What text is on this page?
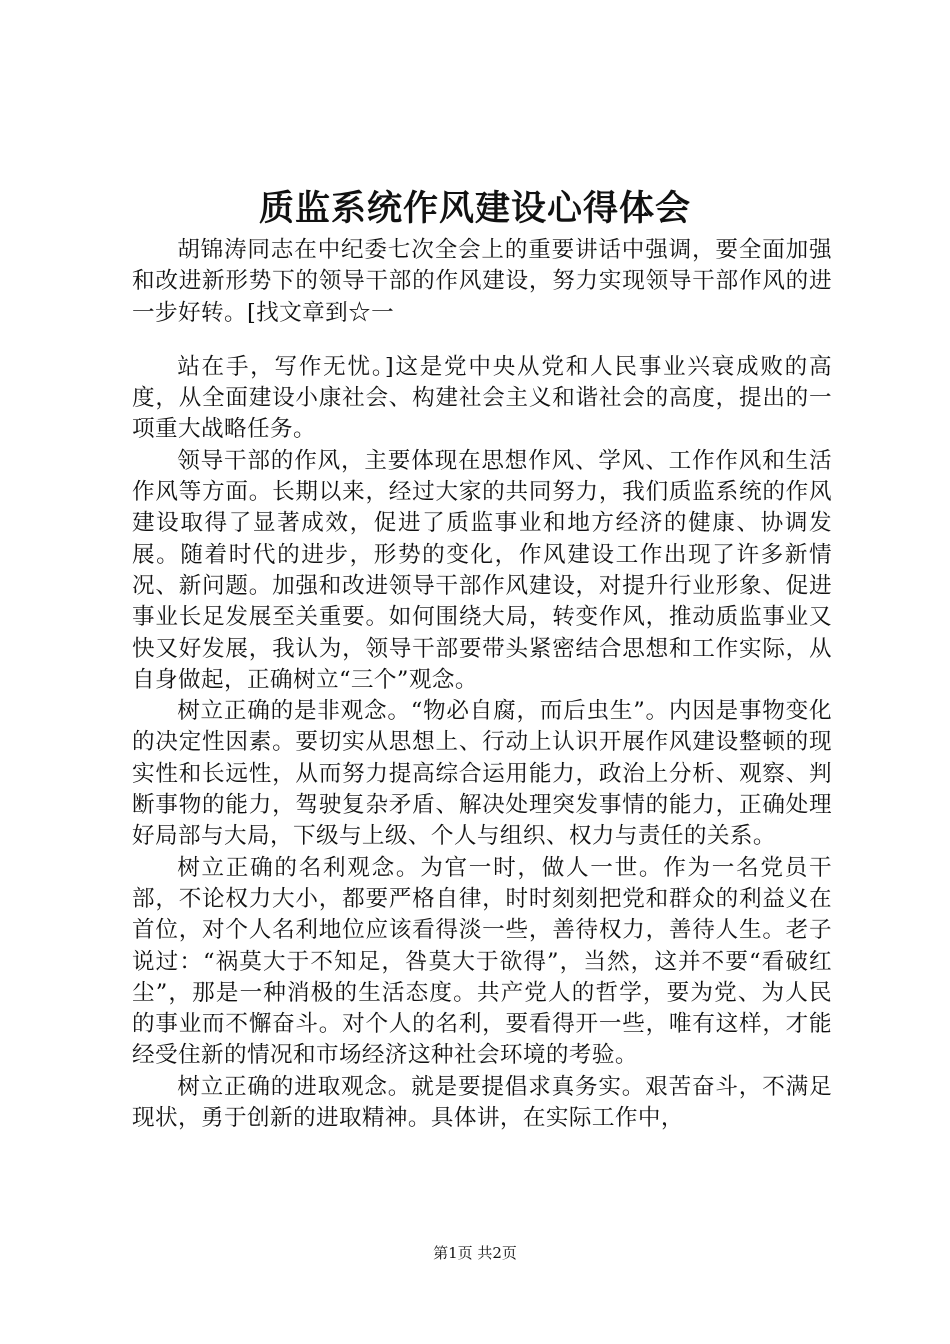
质监系统作风建设心得体会

胡锦涛同志在中纪委七次全会上的重要讲话中强调，要全面加强和改进新形势下的领导干部的作风建设，努力实现领导干部作风的进一步好转。[找文章到☆一

站在手，写作无忧。]这是党中央从党和人民事业兴衰成败的高度，从全面建设小康社会、构建社会主义和谐社会的高度，提出的一项重大战略任务。

领导干部的作风，主要体现在思想作风、学风、工作作风和生活作风等方面。长期以来，经过大家的共同努力，我们质监系统的作风建设取得了显著成效，促进了质监事业和地方经济的健康、协调发展。随着时代的进步，形势的变化，作风建设工作出现了许多新情况、新问题。加强和改进领导干部作风建设，对提升行业形象、促进事业长足发展至关重要。如何围绕大局，转变作风，推动质监事业又快又好发展，我认为，领导干部要带头紧密结合思想和工作实际，从自身做起，正确树立“三个”观念。

树立正确的是非观念。“物必自腐，而后虫生”。内因是事物变化的决定性因素。要切实从思想上、行动上认识开展作风建设整顿的现实性和长远性，从而努力提高综合运用能力，政治上分析、观察、判断事物的能力，驾驶复杂矛盾、解决处理突发事情的能力，正确处理好局部与大局，下级与上级、个人与组织、权力与责任的关系。

树立正确的名利观念。为官一时，做人一世。作为一名党员干部，不论权力大小，都要严格自律，时时刻刻把党和群众的利益义在首位，对个人名利地位应该看得淡一些，善待权力，善待人生。老子说过：“祸莫大于不知足，咎莫大于欲得”，当然，这并不要“看破红尘”，那是一种消极的生活态度。共产党人的哲学，要为党、为人民的事业而不懈奋斗。对个人的名利，要看得开一些，唯有这样，才能经受住新的情况和市场经济这种社会环境的考验。

树立正确的进取观念。就是要提倡求真务实。艰苦奋斗，不满足现状，勇于创新的进取精神。具体讲，在实际工作中，

第1页 共2页
